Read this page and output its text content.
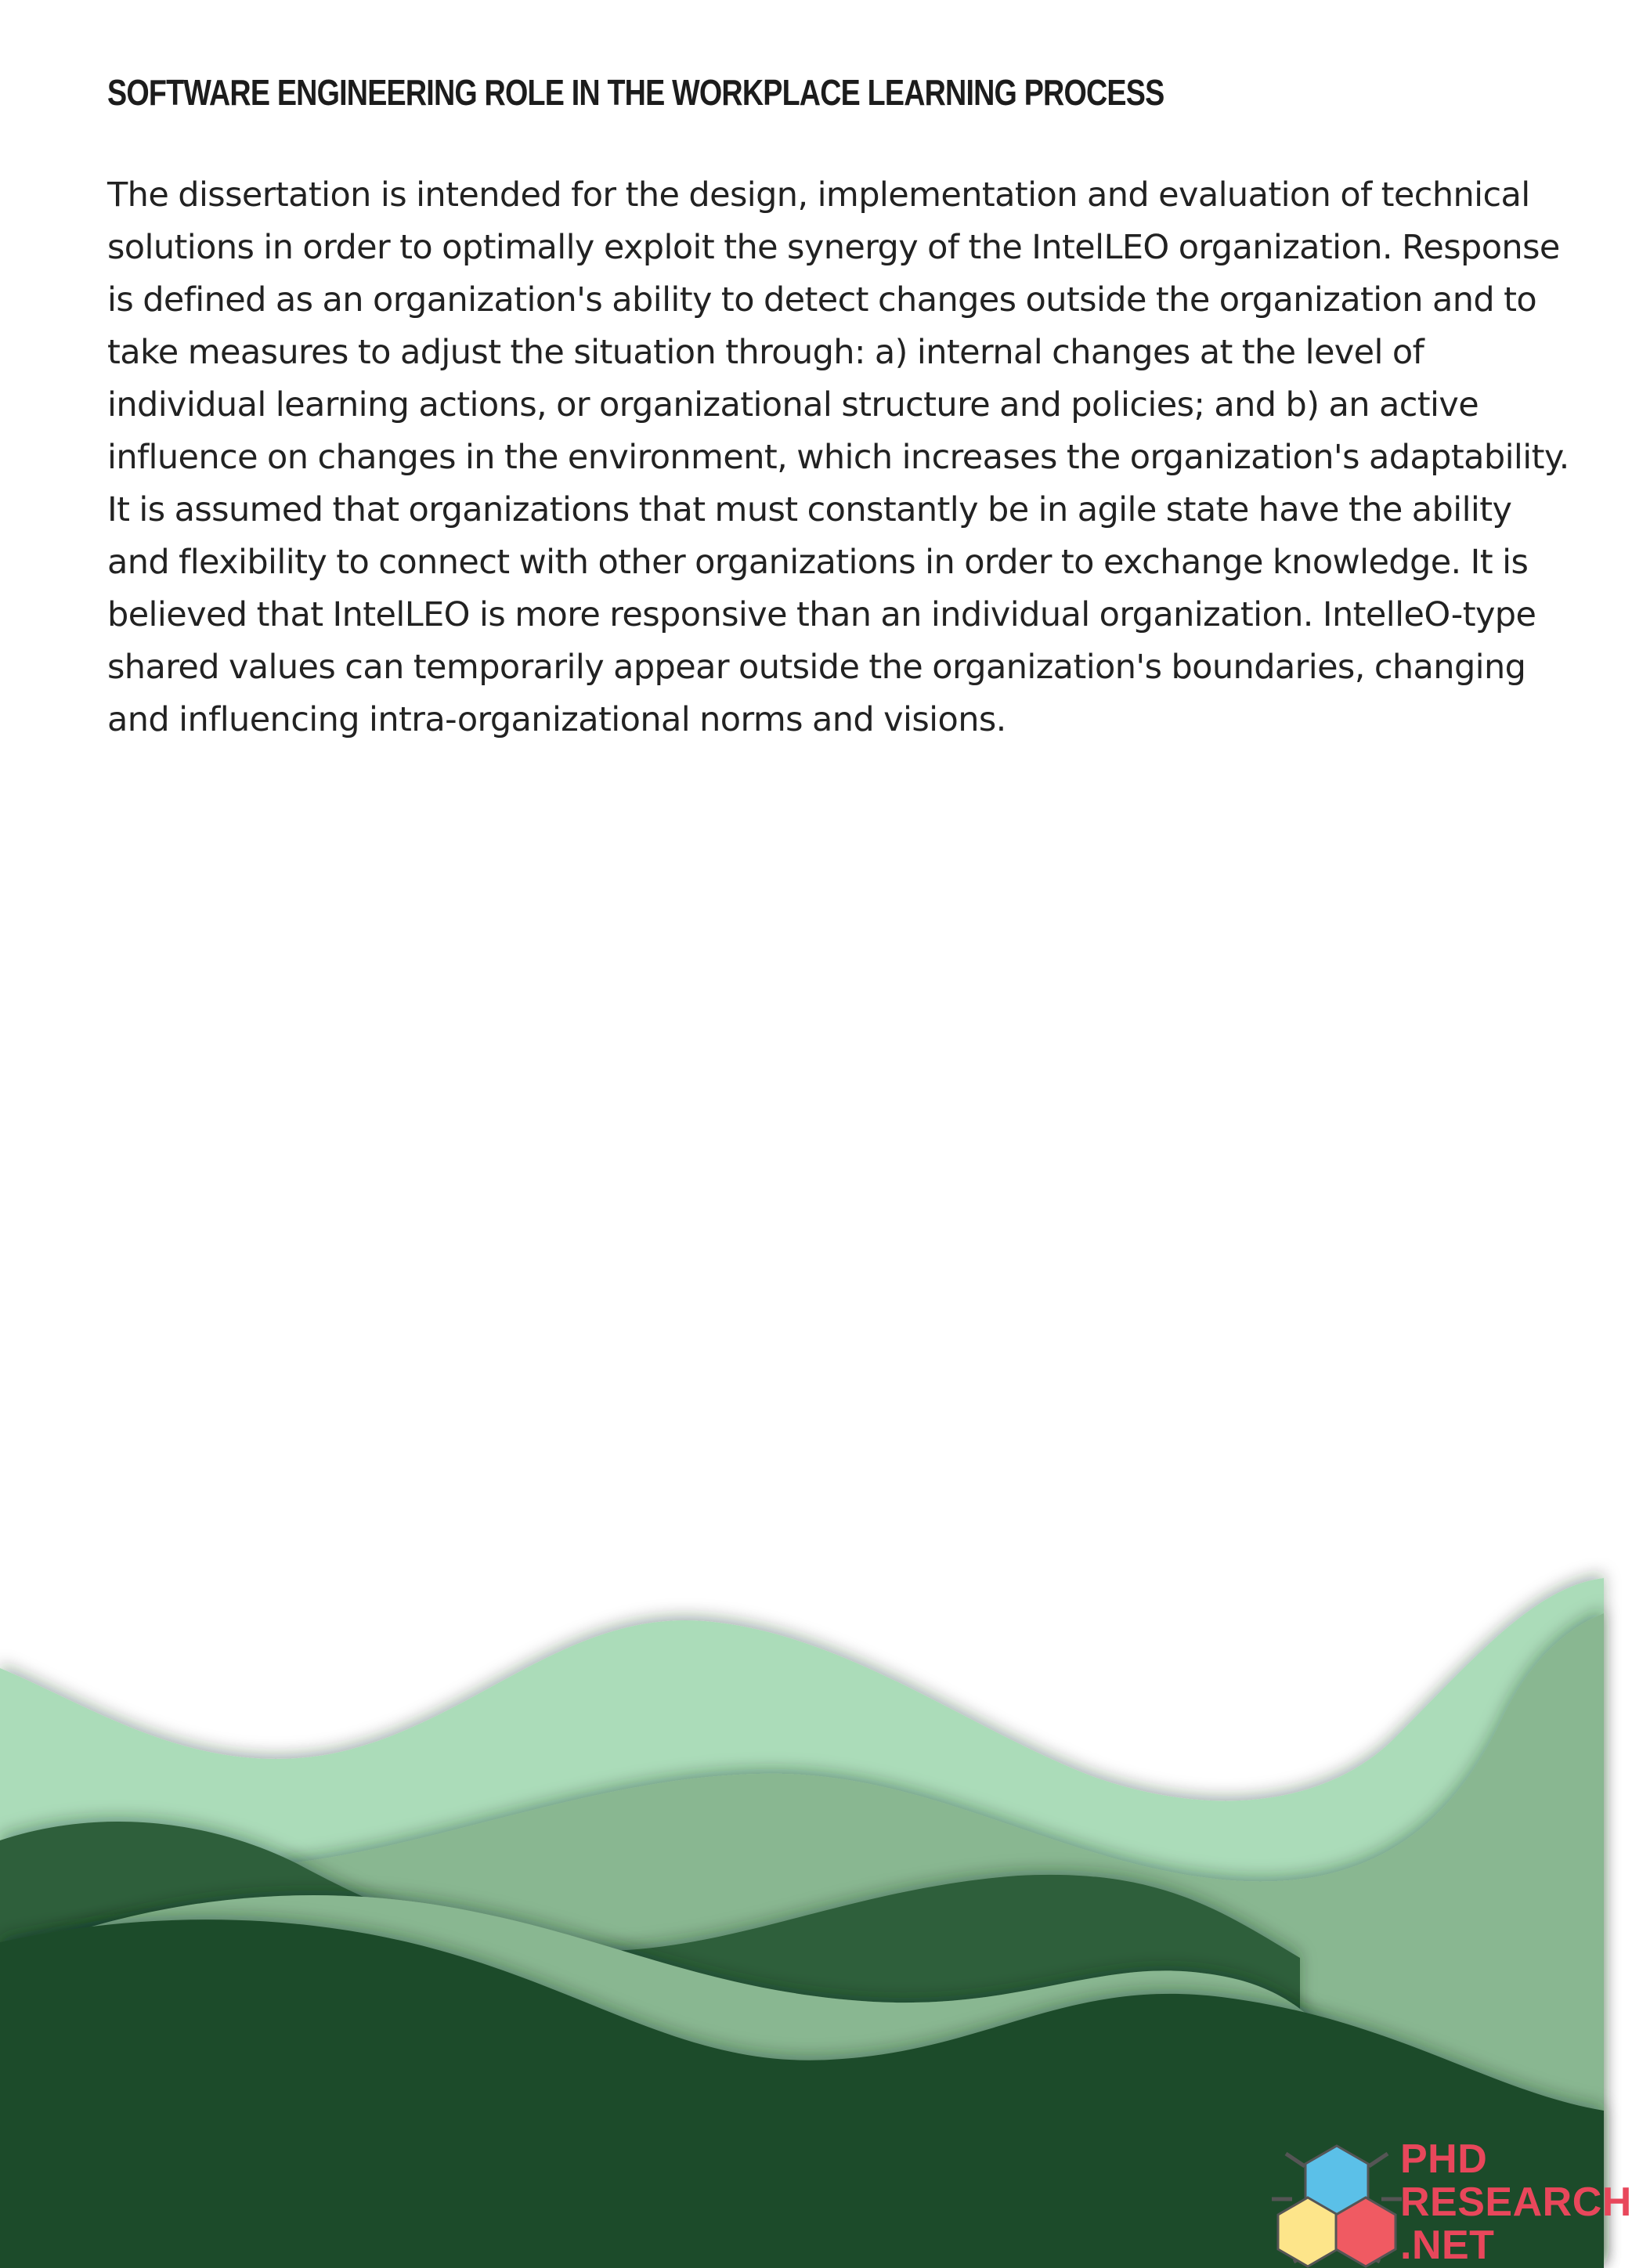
SOFTWARE ENGINEERING ROLE IN THE WORKPLACE LEARNING PROCESS

The dissertation is intended for the design, implementation and evaluation of technical solutions in order to optimally exploit the synergy of the IntelLEO organization. Response is defined as an organization's ability to detect changes outside the organization and to take measures to adjust the situation through: a) internal changes at the level of individual learning actions, or organizational structure and policies; and b) an active influence on changes in the environment, which increases the organization's adaptability. It is assumed that organizations that must constantly be in agile state have the ability and flexibility to connect with other organizations in order to exchange knowledge. It is believed that IntelLEO is more responsive than an individual organization. IntelleO-type shared values can temporarily appear outside the organization's boundaries, changing and influencing intra-organizational norms and visions.

PHD
RESEARCH
.NET
